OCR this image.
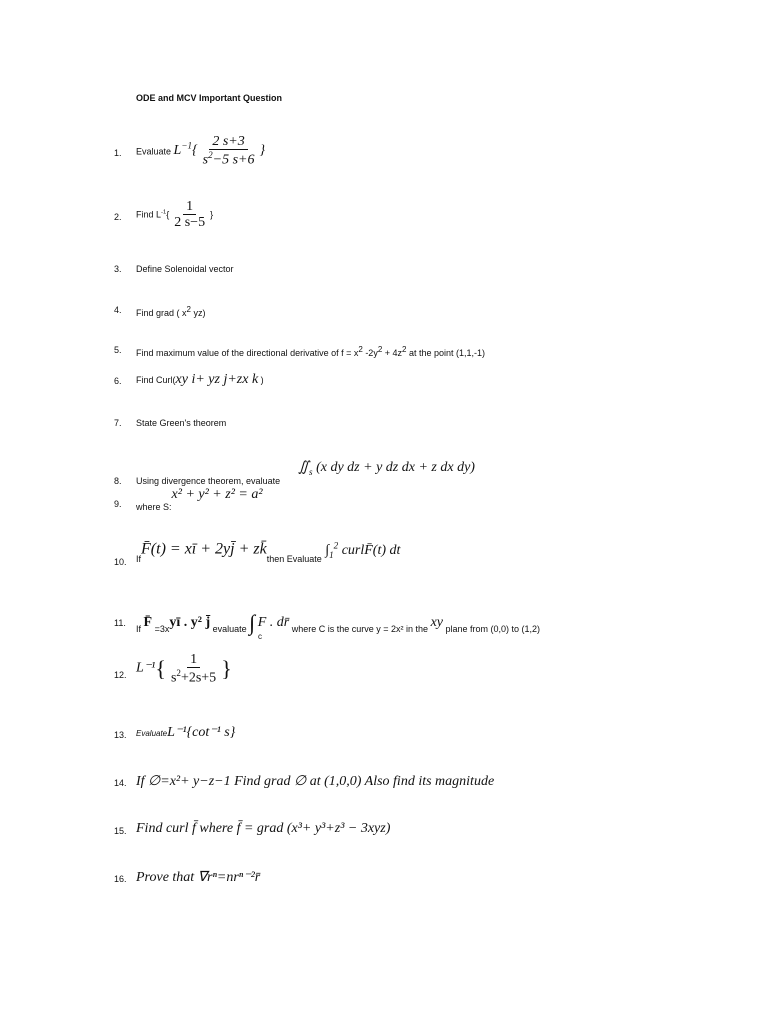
ODE and MCV Important Question
1. Evaluate $L^{-1}\{ \frac{2 s+3}{s^2-5 s+6}$ }
2. Find $L^{-1}\{ \frac{1}{2 s-5}$ }
3. Define Solenoidal vector
4. Find grad ( $x^2$ yz)
5. Find maximum value of the directional derivative of $f = x^2$ $-2y^2 + 4z^2$ at the point (1,1,-1)
6. Find Curl(xy i+ yz j+zx k )
7. State Green's theorem
8. Using divergence theorem, evaluate
$∬_s$ (x dy dz + y dz dx + z dx dy)
9. where S:x² + y² + z² = a²
10. IfF̄(t) = xī + 2yj̄ + zk̄then Evaluate $\int_1^2$ curlF̄(t) dt
11.
If F̄ =3xyī . y² j̄ evaluate ∫ F . dr̄ where C is the curve y = 2x² in the xy plane from (0,0) to (1,2)
c
12. $L^{-1}\{ \frac{1}{s^2+2s+5}$ }
13. EvaluateL⁻¹{cot⁻¹ s}
14. If ∅=x²+ y−z−1 Find grad ∅ at (1,0,0) Also find its magnitude
15. Find curl f̄ where f̄ = grad (x³+ y³+z³ − 3xyz)
16. Prove that ∇rⁿ=nrⁿ⁻²r̄
